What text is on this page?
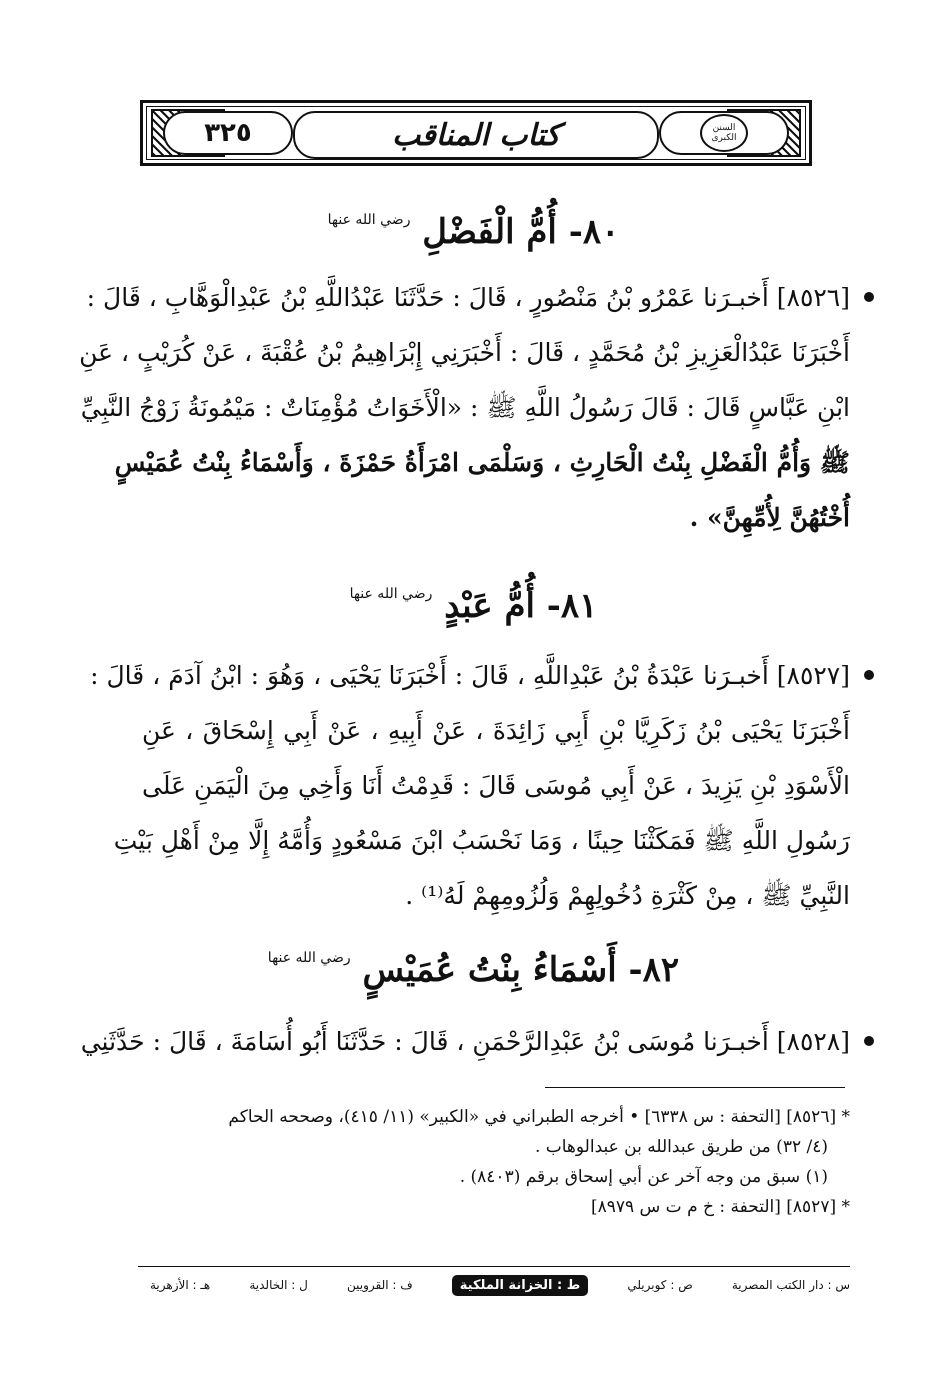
٣٢٥	السنن الكبرى
كتاب المناقب
٨٠- أُمُّ الْفَضْلِ $^{رضي الله عنها}$
[٨٥٢٦] أَخبـرَنا عَمْرُو بْنُ مَنْصُورٍ ، قَالَ : حَدَّثَنَا عَبْدُاللَّهِ بْنُ عَبْدِالْوَهَّابِ ، قَالَ :
أَخْبَرَنَا عَبْدُالْعَزِيزِ بْنُ مُحَمَّدٍ ، قَالَ : أَخْبَرَنِي إِبْرَاهِيمُ بْنُ عُقْبَةَ ، عَنْ كُرَيْبٍ ، عَنِ
ابْنِ عَبَّاسٍ قَالَ : قَالَ رَسُولُ اللَّهِ ﷺ : «الْأَخَوَاتُ مُؤْمِنَاتٌ : مَيْمُونَةُ زَوْجُ النَّبِيِّ
ﷺ وَأُمُّ الْفَضْلِ بِنْتُ الْحَارِثِ ، وَسَلْمَى امْرَأَةُ حَمْزَةَ ، وَأَسْمَاءُ بِنْتُ عُمَيْسٍ
أُخْتُهُنَّ لِأُمِّهِنَّ» .
٨١- أُمُّ عَبْدٍ $^{رضي الله عنها}$
[٨٥٢٧] أَخبـرَنا عَبْدَةُ بْنُ عَبْدِاللَّهِ ، قَالَ : أَخْبَرَنَا يَحْيَى ، وَهُوَ : ابْنُ آدَمَ ، قَالَ :
أَخْبَرَنَا يَحْيَى بْنُ زَكَرِيَّا بْنِ أَبِي زَائِدَةَ ، عَنْ أَبِيهِ ، عَنْ أَبِي إِسْحَاقَ ، عَنِ
الْأَسْوَدِ بْنِ يَزِيدَ ، عَنْ أَبِي مُوسَى قَالَ : قَدِمْتُ أَنَا وَأَخِي مِنَ الْيَمَنِ عَلَى
رَسُولِ اللَّهِ ﷺ فَمَكَثْنَا حِينًا ، وَمَا نَحْسَبُ ابْنَ مَسْعُودٍ وَأُمَّهُ إِلَّا مِنْ أَهْلِ بَيْتِ
النَّبِيِّ ﷺ ، مِنْ كَثْرَةِ دُخُولِهِمْ وَلُزُومِهِمْ لَهُ⁽¹⁾ .
٨٢- أَسْمَاءُ بِنْتُ عُمَيْسٍ $^{رضي الله عنها}$
[٨٥٢٨] أَخبـرَنا مُوسَى بْنُ عَبْدِالرَّحْمَنِ ، قَالَ : حَدَّثَنَا أَبُو أُسَامَةَ ، قَالَ : حَدَّثَنِي
* [٨٥٢٦] [التحفة : س ٦٣٣٨] • أخرجه الطبراني في «الكبير» (١١/ ٤١٥)، وصححه الحاكم
(٤/ ٣٢) من طريق عبدالله بن عبدالوهاب .
(١) سبق من وجه آخر عن أبي إسحاق برقم (٨٤٠٣) .
* [٨٥٢٧] [التحفة : خ م ت س ٨٩٧٩]
س : دار الكتب المصرية
ص : كوبريلي
ط : الخزانة الملكية
ف : القرويين
ل : الخالدية
هـ : الأزهرية
